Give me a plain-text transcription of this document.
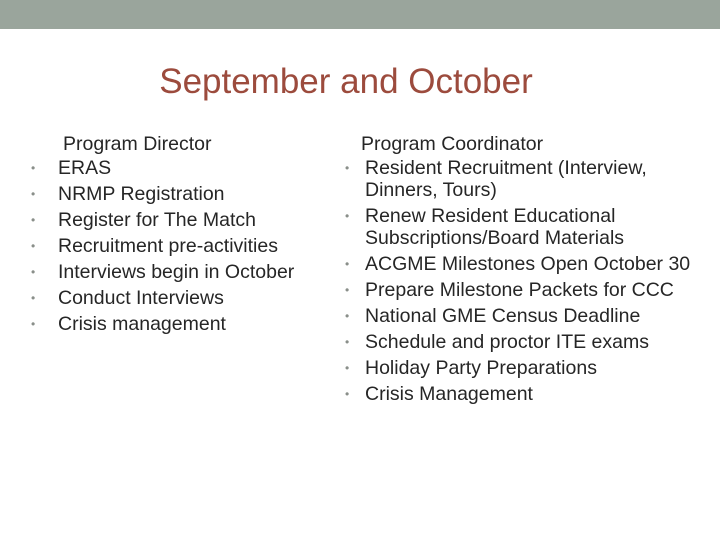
September and October
Program Director
• ERAS
• NRMP Registration
• Register for The Match
• Recruitment pre-activities
• Interviews begin in October
• Conduct Interviews
• Crisis management
Program Coordinator
• Resident Recruitment (Interview, Dinners, Tours)
• Renew Resident Educational Subscriptions/Board Materials
• ACGME Milestones Open October 30
• Prepare Milestone Packets for CCC
• National GME Census Deadline
• Schedule and proctor ITE exams
• Holiday Party Preparations
• Crisis Management
